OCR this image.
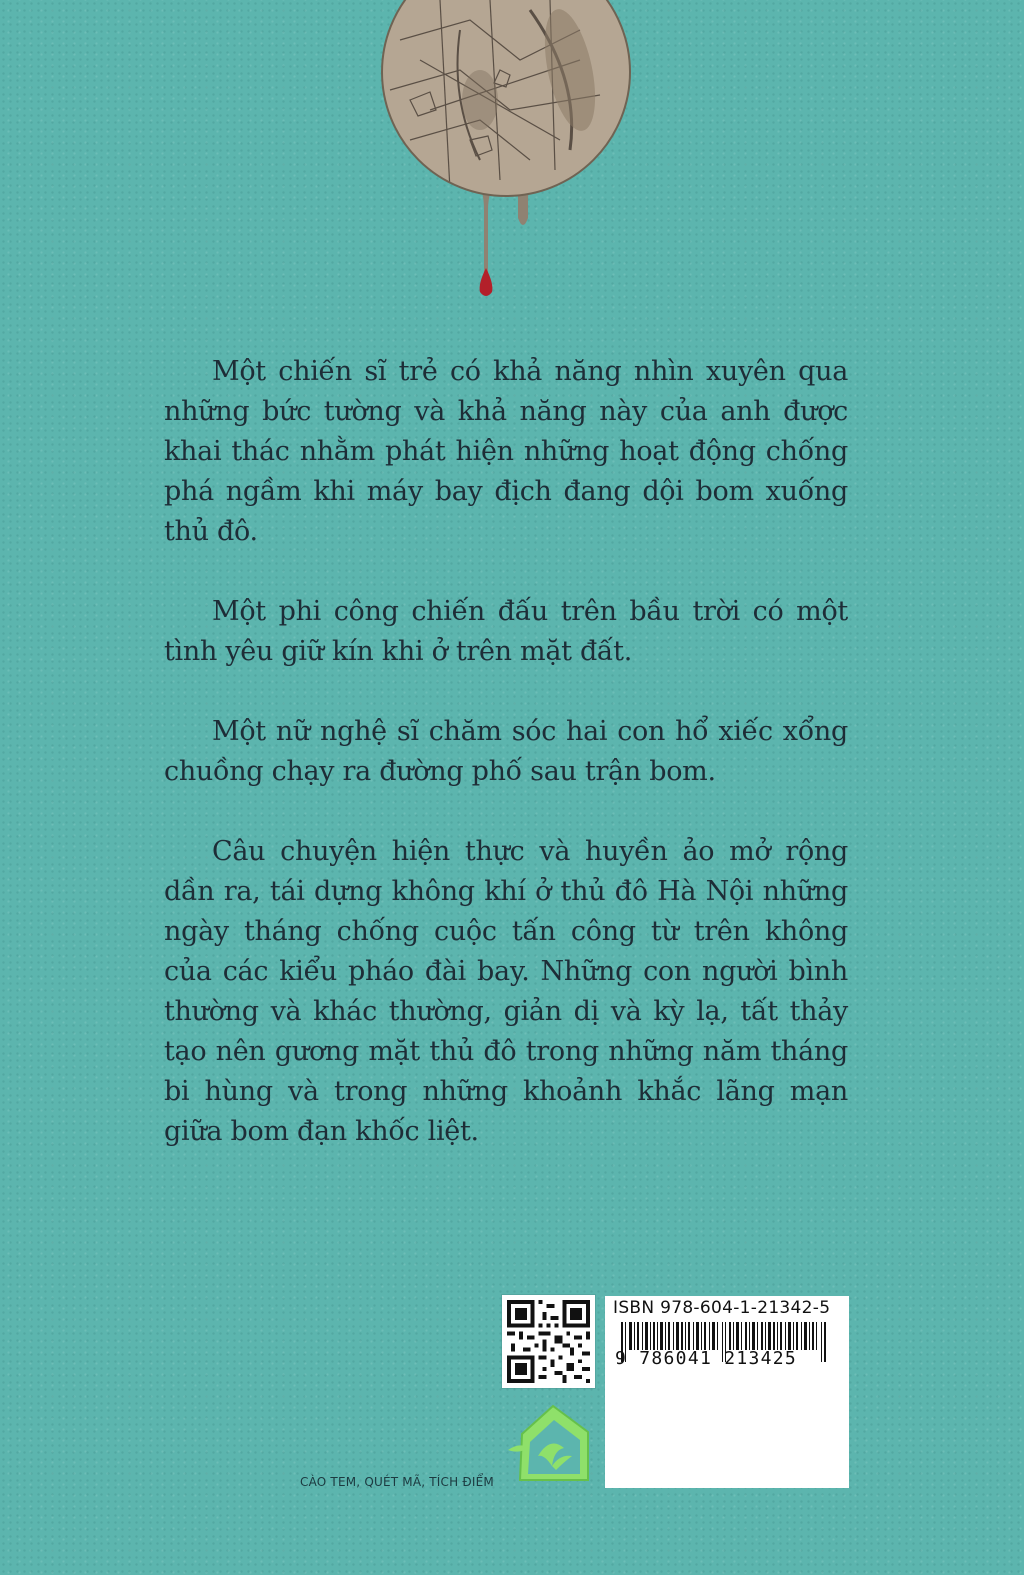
Một chiến sĩ trẻ có khả năng nhìn xuyên qua những bức tường và khả năng này của anh được khai thác nhằm phát hiện những hoạt động chống phá ngầm khi máy bay địch đang dội bom xuống thủ đô.

Một phi công chiến đấu trên bầu trời có một tình yêu giữ kín khi ở trên mặt đất.

Một nữ nghệ sĩ chăm sóc hai con hổ xiếc xổng chuồng chạy ra đường phố sau trận bom.

Câu chuyện hiện thực và huyền ảo mở rộng dần ra, tái dựng không khí ở thủ đô Hà Nội những ngày tháng chống cuộc tấn công từ trên không của các kiểu pháo đài bay. Những con người bình thường và khác thường, giản dị và kỳ lạ, tất thảy tạo nên gương mặt thủ đô trong những năm tháng bi hùng và trong những khoảnh khắc lãng mạn giữa bom đạn khốc liệt.

ISBN 978-604-1-21342-5
9 786041 213425
CÀO TEM, QUÉT MÃ, TÍCH ĐIỂM
